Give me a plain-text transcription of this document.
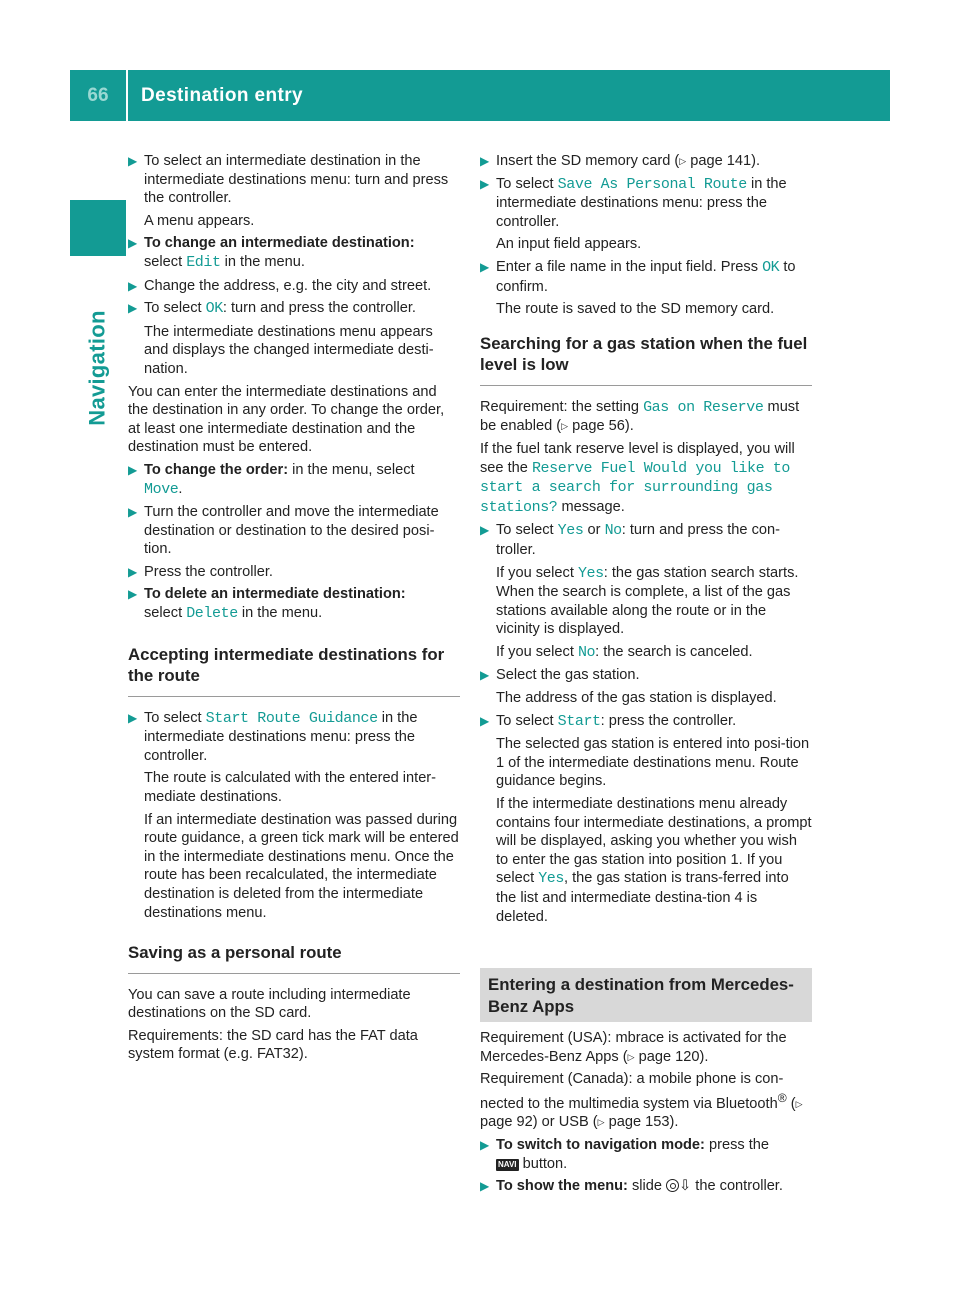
66	Destination entry
Navigation
▶ To select an intermediate destination in the intermediate destinations menu: turn and press the controller.
A menu appears.
▶ To change an intermediate destination:
select Edit in the menu.
▶ Change the address, e.g. the city and street.
▶ To select OK: turn and press the controller.
The intermediate destinations menu appears and displays the changed intermediate desti-nation.
You can enter the intermediate destinations and the destination in any order. To change the order, at least one intermediate destination and the destination must be entered.
▶ To change the order: in the menu, select
Move.
▶ Turn the controller and move the intermediate destination or destination to the desired posi-tion.
▶ Press the controller.
▶ To delete an intermediate destination:
select Delete in the menu.
Accepting intermediate destinations for the route
▶ To select Start Route Guidance in the intermediate destinations menu: press the controller.
The route is calculated with the entered inter-mediate destinations.
If an intermediate destination was passed during route guidance, a green tick mark will be entered in the intermediate destinations menu. Once the route has been recalculated, the intermediate destination is deleted from the intermediate destinations menu.
Saving as a personal route
You can save a route including intermediate destinations on the SD card.
Requirements: the SD card has the FAT data system format (e.g. FAT32).
▶ Insert the SD memory card (▷ page 141).
▶ To select Save As Personal Route in the intermediate destinations menu: press the controller.
An input field appears.
▶ Enter a file name in the input field. Press OK to confirm.
The route is saved to the SD memory card.
Searching for a gas station when the fuel level is low
Requirement: the setting Gas on Reserve must be enabled (▷ page 56).
If the fuel tank reserve level is displayed, you will see the Reserve Fuel Would you like to start a search for surrounding gas stations? message.
▶ To select Yes or No: turn and press the con-troller.
If you select Yes: the gas station search starts. When the search is complete, a list of the gas stations available along the route or in the vicinity is displayed.
If you select No: the search is canceled.
▶ Select the gas station.
The address of the gas station is displayed.
▶ To select Start: press the controller.
The selected gas station is entered into posi-tion 1 of the intermediate destinations menu. Route guidance begins.
If the intermediate destinations menu already contains four intermediate destinations, a prompt will be displayed, asking you whether you wish to enter the gas station into position 1. If you select Yes, the gas station is trans-ferred into the list and intermediate destina-tion 4 is deleted.
Entering a destination from Mercedes-Benz Apps
Requirement (USA): mbrace is activated for the Mercedes-Benz Apps (▷ page 120).
Requirement (Canada): a mobile phone is con-nected to the multimedia system via Bluetooth® (▷ page 92) or USB (▷ page 153).
▶ To switch to navigation mode: press the
NAVI button.
▶ To show the menu: slide ⇩ the controller.
